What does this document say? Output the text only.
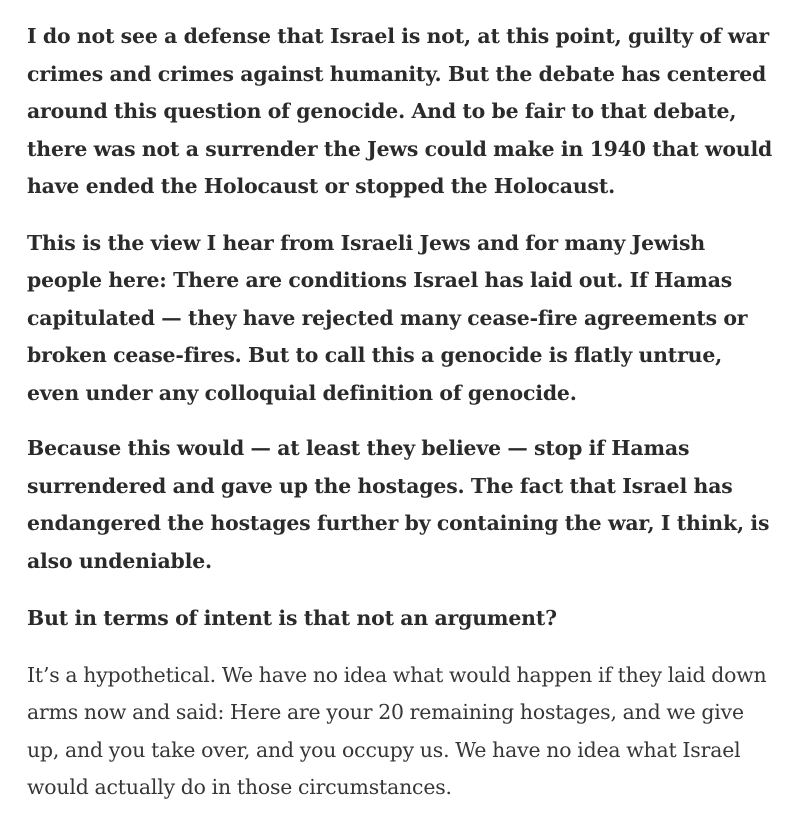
I do not see a defense that Israel is not, at this point, guilty of war crimes and crimes against humanity. But the debate has centered around this question of genocide. And to be fair to that debate, there was not a surrender the Jews could make in 1940 that would have ended the Holocaust or stopped the Holocaust.

This is the view I hear from Israeli Jews and for many Jewish people here: There are conditions Israel has laid out. If Hamas capitulated — they have rejected many cease-fire agreements or broken cease-fires. But to call this a genocide is flatly untrue, even under any colloquial definition of genocide.

Because this would — at least they believe — stop if Hamas surrendered and gave up the hostages. The fact that Israel has endangered the hostages further by containing the war, I think, is also undeniable.

But in terms of intent is that not an argument?

It’s a hypothetical. We have no idea what would happen if they laid down arms now and said: Here are your 20 remaining hostages, and we give up, and you take over, and you occupy us. We have no idea what Israel would actually do in those circumstances.
